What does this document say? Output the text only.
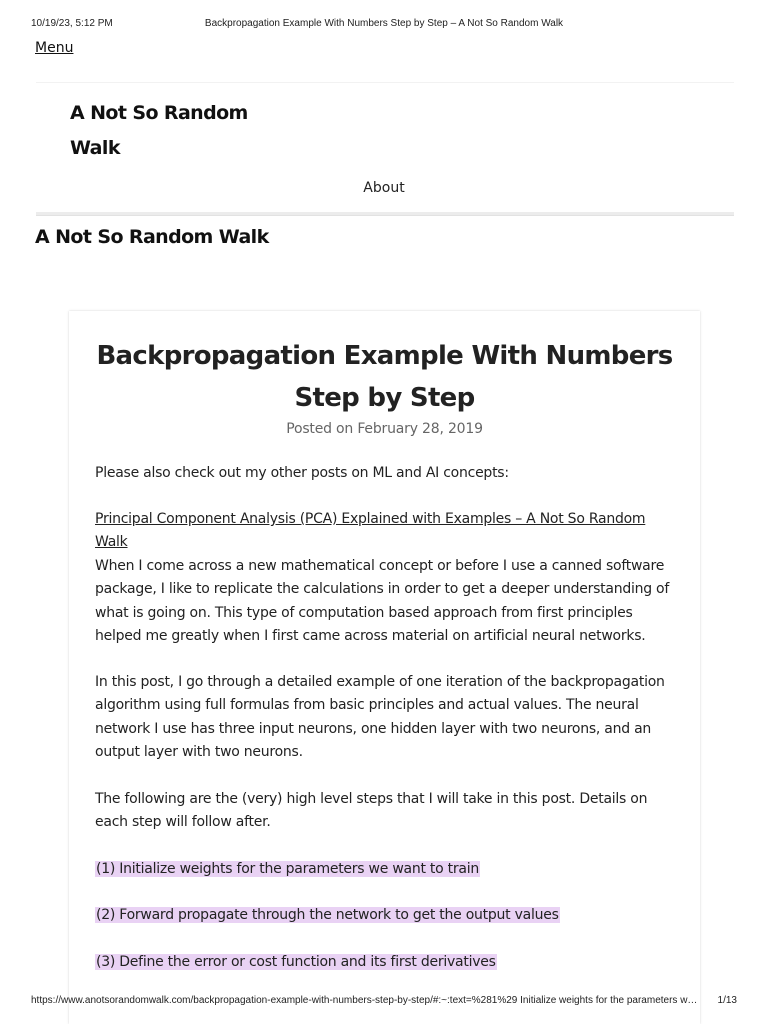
10/19/23, 5:12 PM	Backpropagation Example With Numbers Step by Step – A Not So Random Walk
Menu
A Not So Random Walk
About
A Not So Random Walk
Backpropagation Example With Numbers Step by Step
Posted on February 28, 2019

Please also check out my other posts on ML and AI concepts:

Principal Component Analysis (PCA) Explained with Examples – A Not So Random Walk

When I come across a new mathematical concept or before I use a canned software package, I like to replicate the calculations in order to get a deeper understanding of what is going on. This type of computation based approach from first principles helped me greatly when I first came across material on artificial neural networks.

In this post, I go through a detailed example of one iteration of the backpropagation algorithm using full formulas from basic principles and actual values. The neural network I use has three input neurons, one hidden layer with two neurons, and an output layer with two neurons.

The following are the (very) high level steps that I will take in this post. Details on each step will follow after.

(1) Initialize weights for the parameters we want to train
(2) Forward propagate through the network to get the output values
(3) Define the error or cost function and its first derivatives
https://www.anotsorandomwalk.com/backpropagation-example-with-numbers-step-by-step/#:~:text=%281%29 Initialize weights for the parameters w…	1/13
